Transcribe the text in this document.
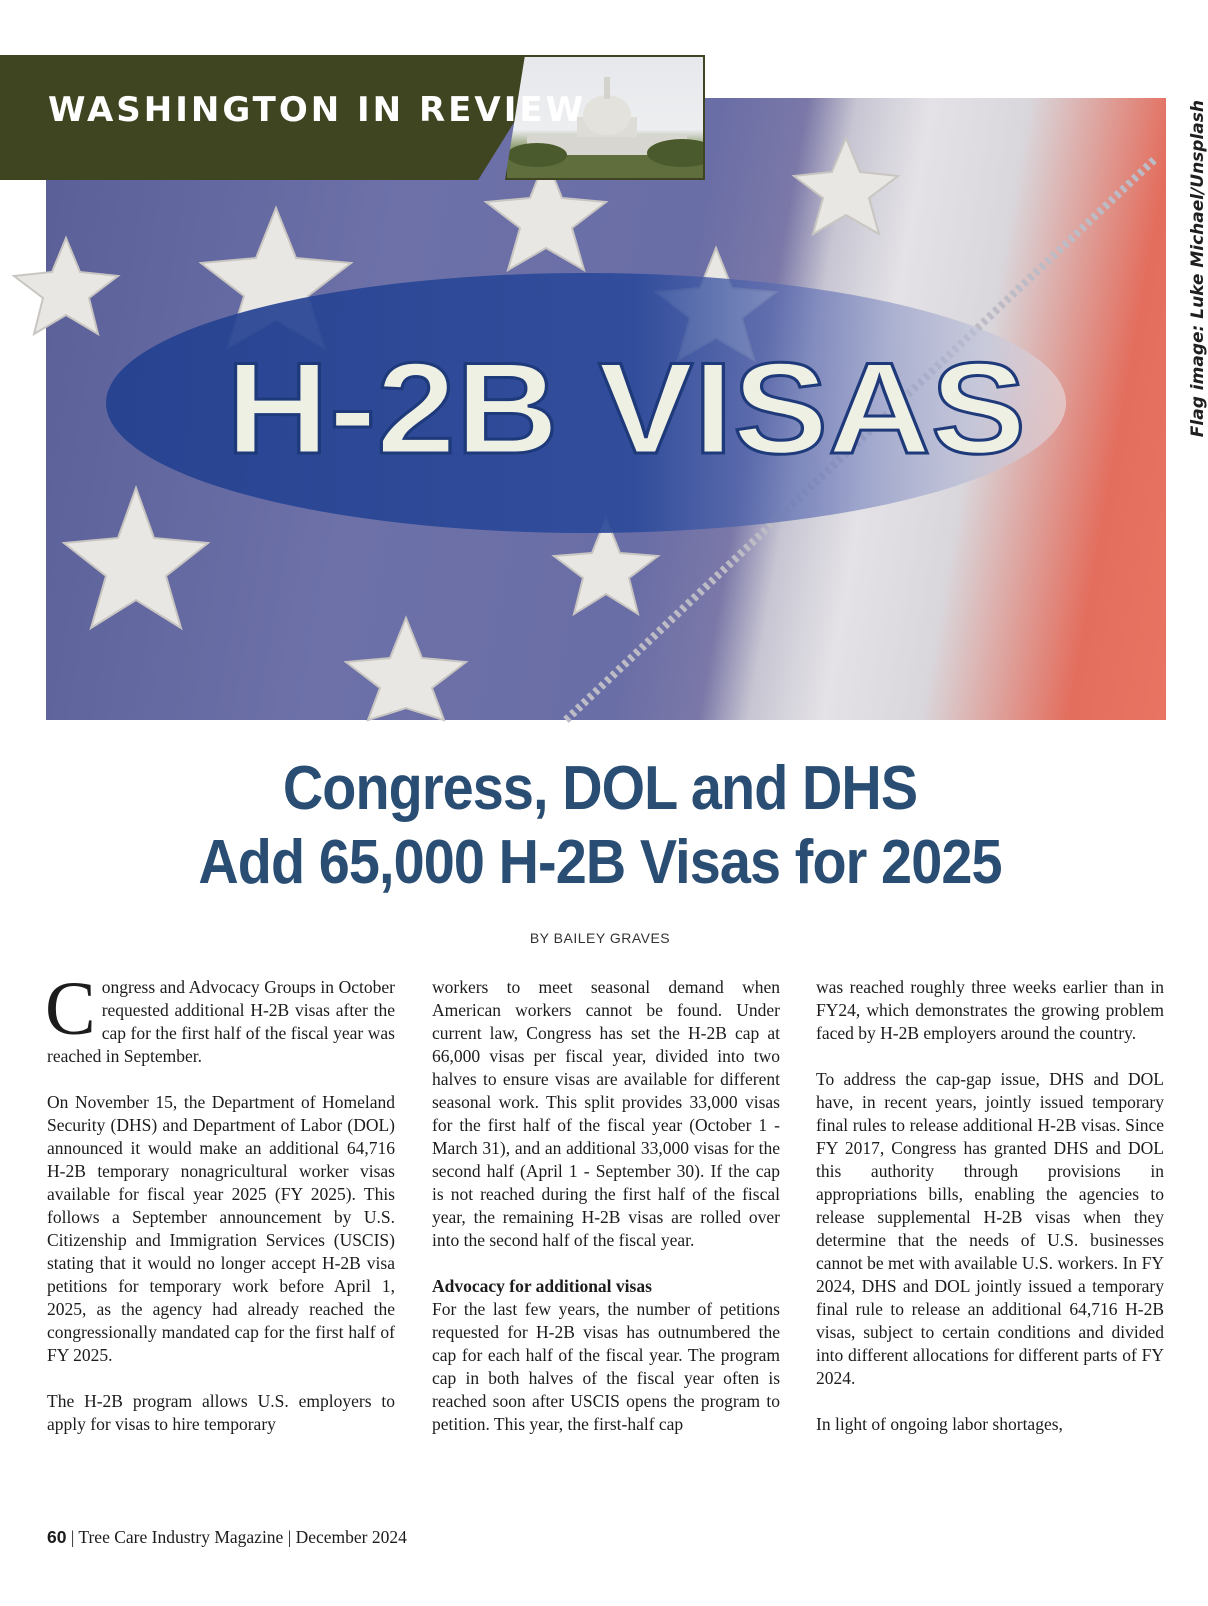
H-2B VISAS
WASHINGTON IN REVIEW	Flag image: Luke Michael/Unsplash
Congress, DOL and DHS
Add 65,000 H-2B Visas for 2025
BY BAILEY GRAVES

Congress and Advocacy Groups in October requested additional H-2B visas after the cap for the first half of the fiscal year was reached in September.

On November 15, the Department of Homeland Security (DHS) and Department of Labor (DOL) announced it would make an additional 64,716 H-2B temporary nonagricultural worker visas available for fiscal year 2025 (FY 2025). This follows a September announcement by U.S. Citizenship and Immigration Services (USCIS) stating that it would no longer accept H-2B visa petitions for temporary work before April 1, 2025, as the agency had already reached the congressionally mandated cap for the first half of FY 2025.

The H-2B program allows U.S. employers to apply for visas to hire temporary

workers to meet seasonal demand when American workers cannot be found. Under current law, Congress has set the H-2B cap at 66,000 visas per fiscal year, divided into two halves to ensure visas are available for different seasonal work. This split provides 33,000 visas for the first half of the fiscal year (October 1 - March 31), and an additional 33,000 visas for the second half (April 1 - September 30). If the cap is not reached during the first half of the fiscal year, the remaining H-2B visas are rolled over into the second half of the fiscal year.

Advocacy for additional visas
For the last few years, the number of petitions requested for H-2B visas has outnumbered the cap for each half of the fiscal year. The program cap in both halves of the fiscal year often is reached soon after USCIS opens the program to petition. This year, the first-half cap

was reached roughly three weeks earlier than in FY24, which demonstrates the growing problem faced by H-2B employers around the country.

To address the cap-gap issue, DHS and DOL have, in recent years, jointly issued temporary final rules to release additional H-2B visas. Since FY 2017, Congress has granted DHS and DOL this authority through provisions in appropriations bills, enabling the agencies to release supplemental H-2B visas when they determine that the needs of U.S. businesses cannot be met with available U.S. workers. In FY 2024, DHS and DOL jointly issued a temporary final rule to release an additional 64,716 H-2B visas, subject to certain conditions and divided into different allocations for different parts of FY 2024.

In light of ongoing labor shortages,

60 | Tree Care Industry Magazine | December 2024
